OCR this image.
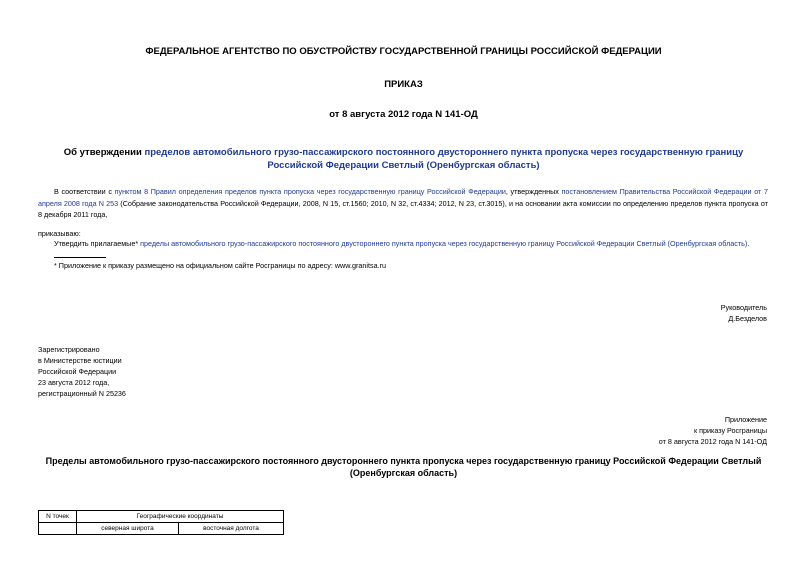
ФЕДЕРАЛЬНОЕ АГЕНТСТВО ПО ОБУСТРОЙСТВУ ГОСУДАРСТВЕННОЙ ГРАНИЦЫ РОССИЙСКОЙ ФЕДЕРАЦИИ
ПРИКАЗ
от 8 августа 2012 года N 141-ОД
Об утверждении пределов автомобильного грузо-пассажирского постоянного двустороннего пункта пропуска через государственную границу Российской Федерации Светлый (Оренбургская область)
В соответствии с пунктом 8 Правил определения пределов пункта пропуска через государственную границу Российской Федерации, утвержденных постановлением Правительства Российской Федерации от 7 апреля 2008 года N 253 (Собрание законодательства Российской Федерации, 2008, N 15, ст.1560; 2010, N 32, ст.4334; 2012, N 23, ст.3015), и на основании акта комиссии по определению пределов пункта пропуска от 8 декабря 2011 года,
приказываю:
Утвердить прилагаемые* пределы автомобильного грузо-пассажирского постоянного двустороннего пункта пропуска через государственную границу Российской Федерации Светлый (Оренбургская область).
* Приложение к приказу размещено на официальном сайте Росграницы по адресу: www.granitsa.ru
Руководитель
Д.Безделов
Зарегистрировано
в Министерстве юстиции
Российской Федерации
23 августа 2012 года,
регистрационный N 25236
Приложение
к приказу Росграницы
от 8 августа 2012 года N 141-ОД
Пределы автомобильного грузо-пассажирского постоянного двустороннего пункта пропуска через государственную границу Российской Федерации Светлый (Оренбургская область)
N точек	Географические координаты	
	северная широта	восточная долгота
